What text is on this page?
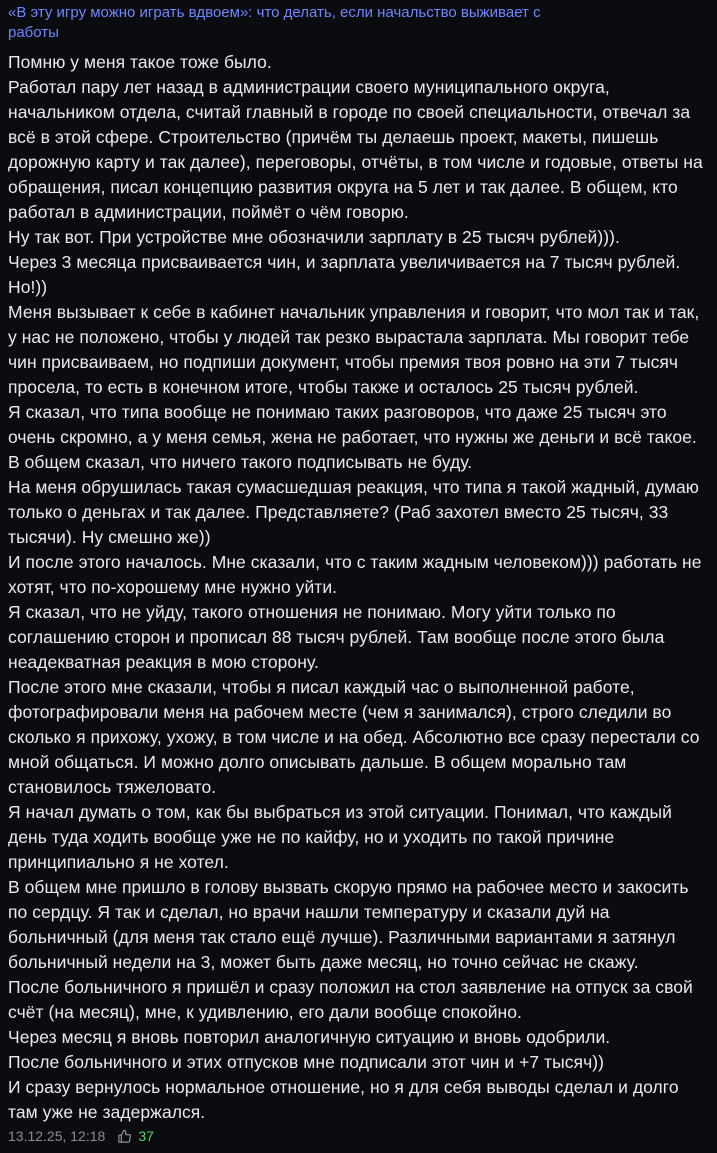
«В эту игру можно играть вдвоем»: что делать, если начальство выживает с работы

Помню у меня такое тоже было.

Работал пару лет назад в администрации своего муниципального округа, начальником отдела, считай главный в городе по своей специальности, отвечал за всё в этой сфере. Строительство (причём ты делаешь проект, макеты, пишешь дорожную карту и так далее), переговоры, отчёты, в том числе и годовые, ответы на обращения, писал концепцию развития округа на 5 лет и так далее. В общем, кто работал в администрации, поймёт о чём говорю.

Ну так вот. При устройстве мне обозначили зарплату в 25 тысяч рублей))).

Через 3 месяца присваивается чин, и зарплата увеличивается на 7 тысяч рублей. Но!))

Меня вызывает к себе в кабинет начальник управления и говорит, что мол так и так, у нас не положено, чтобы у людей так резко вырастала зарплата. Мы говорит тебе чин присваиваем, но подпиши документ, чтобы премия твоя ровно на эти 7 тысяч просела, то есть в конечном итоге, чтобы также и осталось 25 тысяч рублей.

Я сказал, что типа вообще не понимаю таких разговоров, что даже 25 тысяч это очень скромно, а у меня семья, жена не работает, что нужны же деньги и всё такое. В общем сказал, что ничего такого подписывать не буду.

На меня обрушилась такая сумасшедшая реакция, что типа я такой жадный, думаю только о деньгах и так далее. Представляете? (Раб захотел вместо 25 тысяч, 33 тысячи). Ну смешно же))

И после этого началось. Мне сказали, что с таким жадным человеком))) работать не хотят, что по-хорошему мне нужно уйти.

Я сказал, что не уйду, такого отношения не понимаю. Могу уйти только по соглашению сторон и прописал 88 тысяч рублей. Там вообще после этого была неадекватная реакция в мою сторону.

После этого мне сказали, чтобы я писал каждый час о выполненной работе, фотографировали меня на рабочем месте (чем я занимался), строго следили во сколько я прихожу, ухожу, в том числе и на обед. Абсолютно все сразу перестали со мной общаться. И можно долго описывать дальше. В общем морально там становилось тяжеловато.

Я начал думать о том, как бы выбраться из этой ситуации. Понимал, что каждый день туда ходить вообще уже не по кайфу, но и уходить по такой причине принципиально я не хотел.

В общем мне пришло в голову вызвать скорую прямо на рабочее место и закосить по сердцу. Я так и сделал, но врачи нашли температуру и сказали дуй на больничный (для меня так стало ещё лучше). Различными вариантами я затянул больничный недели на 3, может быть даже месяц, но точно сейчас не скажу.

После больничного я пришёл и сразу положил на стол заявление на отпуск за свой счёт (на месяц), мне, к удивлению, его дали вообще спокойно.

Через месяц я вновь повторил аналогичную ситуацию и вновь одобрили.

После больничного и этих отпусков мне подписали этот чин и +7 тысяч))

И сразу вернулось нормальное отношение, но я для себя выводы сделал и долго там уже не задержался.

13.12.25, 12:18 37
